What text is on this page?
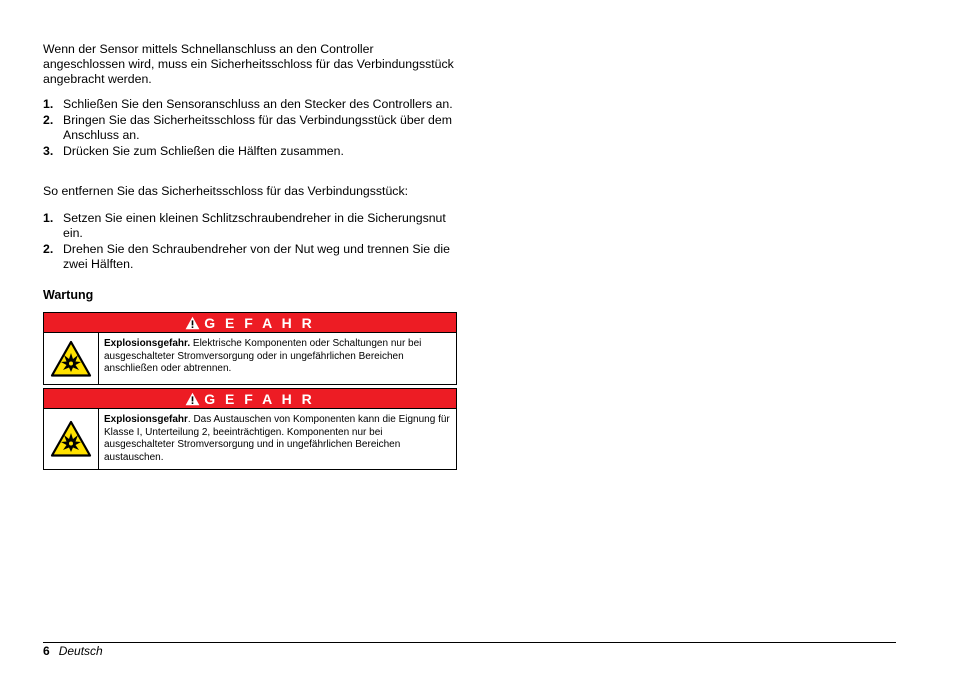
Wenn der Sensor mittels Schnellanschluss an den Controller angeschlossen wird, muss ein Sicherheitsschloss für das Verbindungsstück angebracht werden.

1. Schließen Sie den Sensoranschluss an den Stecker des Controllers an.
2. Bringen Sie das Sicherheitsschloss für das Verbindungsstück über dem Anschluss an.
3. Drücken Sie zum Schließen die Hälften zusammen.

So entfernen Sie das Sicherheitsschloss für das Verbindungsstück:

1. Setzen Sie einen kleinen Schlitzschraubendreher in die Sicherungsnut ein.
2. Drehen Sie den Schraubendreher von der Nut weg und trennen Sie die zwei Hälften.
Wartung
G E F A H R
Explosionsgefahr. Elektrische Komponenten oder Schaltungen nur bei ausgeschalteter Stromversorgung oder in ungefährlichen Bereichen anschließen oder abtrennen.
G E F A H R
Explosionsgefahr. Das Austauschen von Komponenten kann die Eignung für Klasse I, Unterteilung 2, beeinträchtigen. Komponenten nur bei ausgeschalteter Stromversorgung und in ungefährlichen Bereichen austauschen.
6 Deutsch
